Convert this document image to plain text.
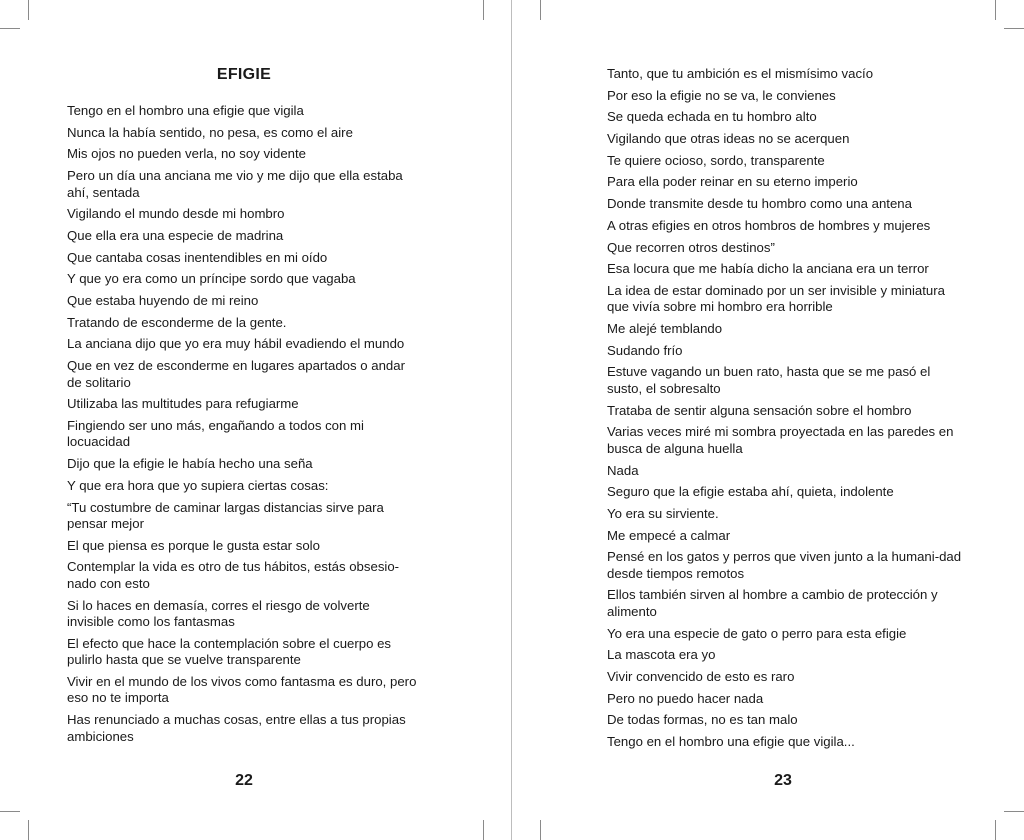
EFIGIE

Tengo en el hombro una efigie que vigila

Nunca la había sentido, no pesa, es como el aire

Mis ojos no pueden verla, no soy vidente

Pero un día una anciana me vio y me dijo que ella estaba ahí, sentada

Vigilando el mundo desde mi hombro

Que ella era una especie de madrina

Que cantaba cosas inentendibles en mi oído

Y que yo era como un príncipe sordo que vagaba

Que estaba huyendo de mi reino

Tratando de esconderme de la gente.

La anciana dijo que yo era muy hábil evadiendo el mundo

Que en vez de esconderme en lugares apartados o andar de solitario

Utilizaba las multitudes para refugiarme

Fingiendo ser uno más, engañando a todos con mi locuacidad

Dijo que la efigie le había hecho una seña

Y que era hora que yo supiera ciertas cosas:

“Tu costumbre de caminar largas distancias sirve para pensar mejor

El que piensa es porque le gusta estar solo

Contemplar la vida es otro de tus hábitos, estás obsesio-nado con esto

Si lo haces en demasía, corres el riesgo de volverte invisible como los fantasmas

El efecto que hace la contemplación sobre el cuerpo es pulirlo hasta que se vuelve transparente

Vivir en el mundo de los vivos como fantasma es duro, pero eso no te importa

Has renunciado a muchas cosas, entre ellas a tus propias ambiciones

22

Tanto, que tu ambición es el mismísimo vacío

Por eso la efigie no se va, le convienes

Se queda echada en tu hombro alto

Vigilando que otras ideas no se acerquen

Te quiere ocioso, sordo, transparente

Para ella poder reinar en su eterno imperio

Donde transmite desde tu hombro como una antena

A otras efigies en otros hombros de hombres y mujeres

Que recorren otros destinos”

Esa locura que me había dicho la anciana era un terror

La idea de estar dominado por un ser invisible y miniatura que vivía sobre mi hombro era horrible

Me alejé temblando

Sudando frío

Estuve vagando un buen rato, hasta que se me pasó el susto, el sobresalto

Trataba de sentir alguna sensación sobre el hombro

Varias veces miré mi sombra proyectada en las paredes en busca de alguna huella

Nada

Seguro que la efigie estaba ahí, quieta, indolente

Yo era su sirviente.

Me empecé a calmar

Pensé en los gatos y perros que viven junto a la humani-dad desde tiempos remotos

Ellos también sirven al hombre a cambio de protección y alimento

Yo era una especie de gato o perro para esta efigie

La mascota era yo

Vivir convencido de esto es raro

Pero no puedo hacer nada

De todas formas, no es tan malo

Tengo en el hombro una efigie que vigila...

23
